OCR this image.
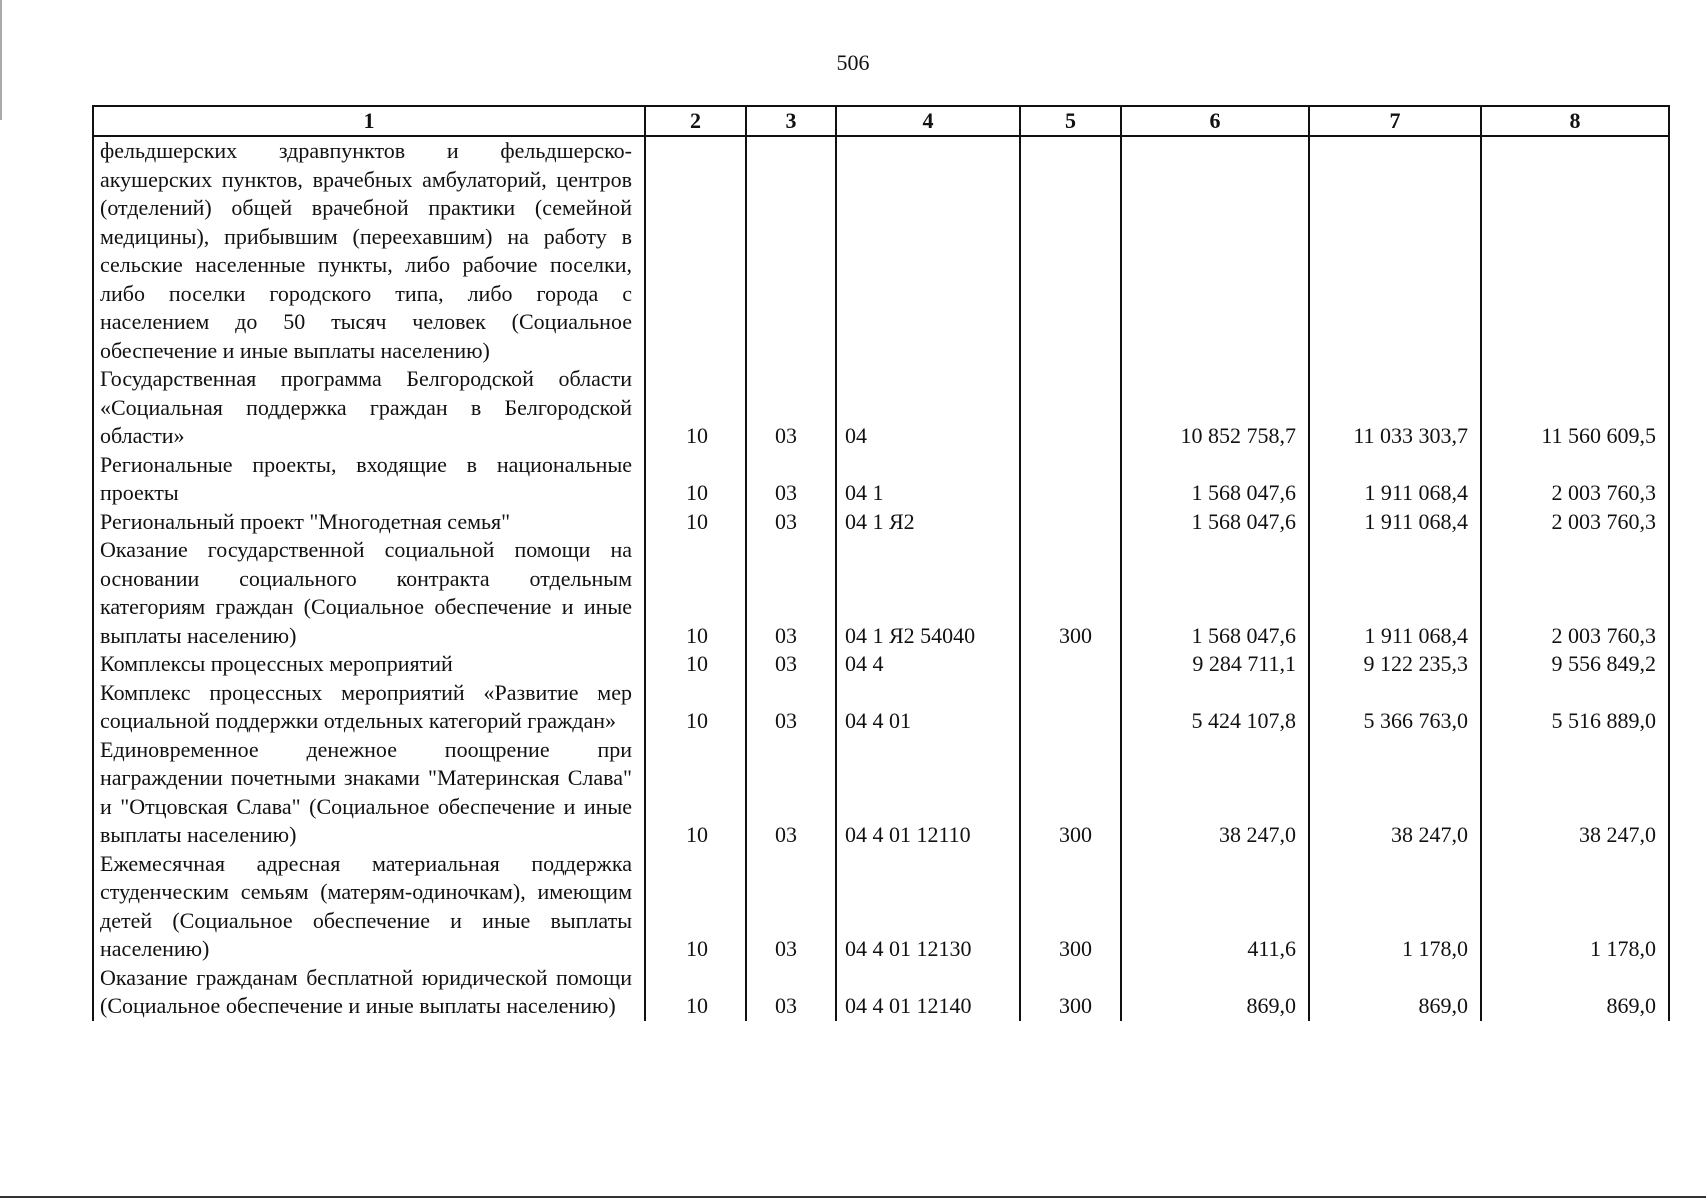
506
1	2	3	4	5	6	7	8
фельдшерских здравпунктов и фельдшерско-акушерских пунктов, врачебных амбулаторий, центров (отделений) общей врачебной практики (семейной медицины), прибывшим (переехавшим) на работу в сельские населенные пункты, либо рабочие поселки, либо поселки городского типа, либо города с населением до 50 тысяч человек (Социальное обеспечение и иные выплаты населению)							
Государственная программа Белгородской области «Социальная поддержка граждан в Белгородской области»	10	03	04		10 852 758,7	11 033 303,7	11 560 609,5
Региональные проекты, входящие в национальные проекты	10	03	04 1		1 568 047,6	1 911 068,4	2 003 760,3
Региональный проект "Многодетная семья"	10	03	04 1 Я2		1 568 047,6	1 911 068,4	2 003 760,3
Оказание государственной социальной помощи на основании социального контракта отдельным категориям граждан (Социальное обеспечение и иные выплаты населению)	10	03	04 1 Я2 54040	300	1 568 047,6	1 911 068,4	2 003 760,3
Комплексы процессных мероприятий	10	03	04 4		9 284 711,1	9 122 235,3	9 556 849,2
Комплекс процессных мероприятий «Развитие мер социальной поддержки отдельных категорий граждан»	10	03	04 4 01		5 424 107,8	5 366 763,0	5 516 889,0
Единовременное денежное поощрение при награждении почетными знаками "Материнская Слава" и "Отцовская Слава" (Социальное обеспечение и иные выплаты населению)	10	03	04 4 01 12110	300	38 247,0	38 247,0	38 247,0
Ежемесячная адресная материальная поддержка студенческим семьям (матерям-одиночкам), имеющим детей (Социальное обеспечение и иные выплаты населению)	10	03	04 4 01 12130	300	411,6	1 178,0	1 178,0
Оказание гражданам бесплатной юридической помощи (Социальное обеспечение и иные выплаты населению)	10	03	04 4 01 12140	300	869,0	869,0	869,0
